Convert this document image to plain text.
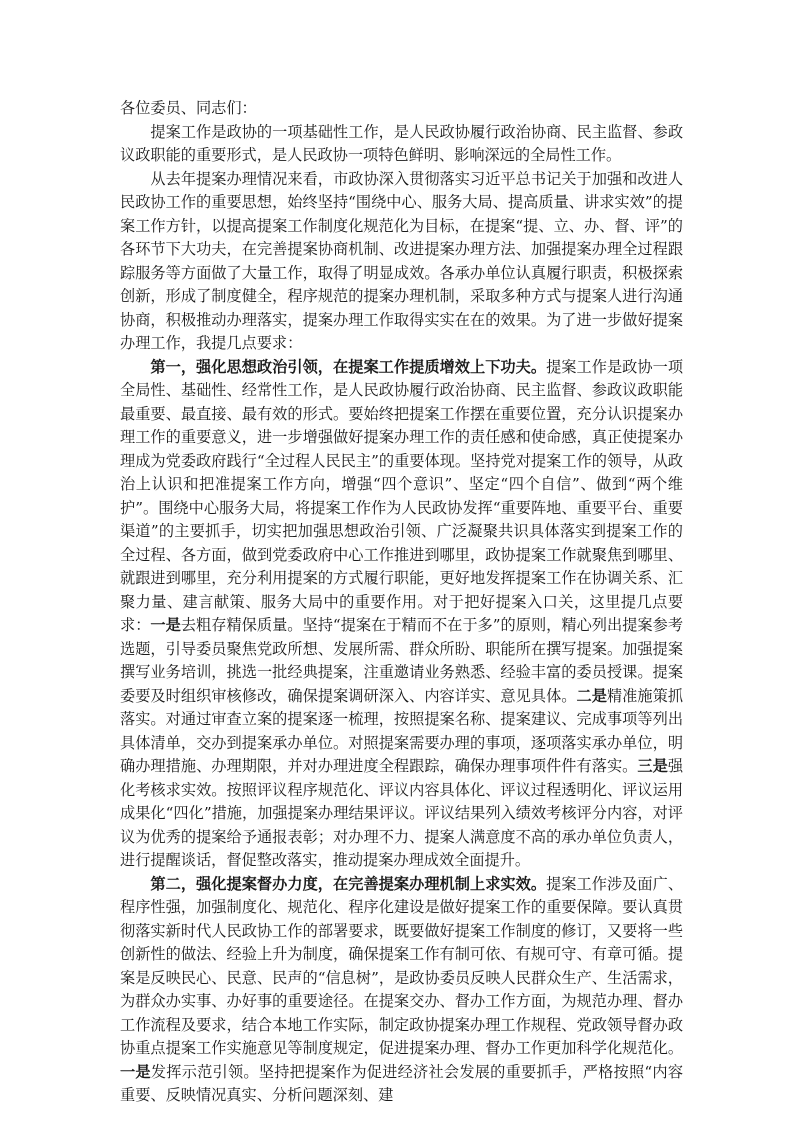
各位委员、同志们：

提案工作是政协的一项基础性工作，是人民政协履行政治协商、民主监督、参政议政职能的重要形式，是人民政协一项特色鲜明、影响深远的全局性工作。

从去年提案办理情况来看，市政协深入贯彻落实习近平总书记关于加强和改进人民政协工作的重要思想，始终坚持“围绕中心、服务大局、提高质量、讲求实效”的提案工作方针，以提高提案工作制度化规范化为目标，在提案“提、立、办、督、评”的各环节下大功夫，在完善提案协商机制、改进提案办理方法、加强提案办理全过程跟踪服务等方面做了大量工作，取得了明显成效。各承办单位认真履行职责，积极探索创新，形成了制度健全，程序规范的提案办理机制，采取多种方式与提案人进行沟通协商，积极推动办理落实，提案办理工作取得实实在在的效果。为了进一步做好提案办理工作，我提几点要求：

第一，强化思想政治引领，在提案工作提质增效上下功夫。提案工作是政协一项全局性、基础性、经常性工作，是人民政协履行政治协商、民主监督、参政议政职能最重要、最直接、最有效的形式。要始终把提案工作摆在重要位置，充分认识提案办理工作的重要意义，进一步增强做好提案办理工作的责任感和使命感，真正使提案办理成为党委政府践行“全过程人民民主”的重要体现。坚持党对提案工作的领导，从政治上认识和把准提案工作方向，增强“四个意识”、坚定“四个自信”、做到“两个维护”。围绕中心服务大局，将提案工作作为人民政协发挥“重要阵地、重要平台、重要渠道”的主要抓手，切实把加强思想政治引领、广泛凝聚共识具体落实到提案工作的全过程、各方面，做到党委政府中心工作推进到哪里，政协提案工作就聚焦到哪里、就跟进到哪里，充分利用提案的方式履行职能，更好地发挥提案工作在协调关系、汇聚力量、建言献策、服务大局中的重要作用。对于把好提案入口关，这里提几点要求：一是去粗存精保质量。坚持“提案在于精而不在于多”的原则，精心列出提案参考选题，引导委员聚焦党政所想、发展所需、群众所盼、职能所在撰写提案。加强提案撰写业务培训，挑选一批经典提案，注重邀请业务熟悉、经验丰富的委员授课。提案委要及时组织审核修改，确保提案调研深入、内容详实、意见具体。二是精准施策抓落实。对通过审查立案的提案逐一梳理，按照提案名称、提案建议、完成事项等列出具体清单，交办到提案承办单位。对照提案需要办理的事项，逐项落实承办单位，明确办理措施、办理期限，并对办理进度全程跟踪，确保办理事项件件有落实。三是强化考核求实效。按照评议程序规范化、评议内容具体化、评议过程透明化、评议运用成果化“四化”措施，加强提案办理结果评议。评议结果列入绩效考核评分内容，对评议为优秀的提案给予通报表彰；对办理不力、提案人满意度不高的承办单位负责人，进行提醒谈话，督促整改落实，推动提案办理成效全面提升。

第二，强化提案督办力度，在完善提案办理机制上求实效。提案工作涉及面广、程序性强，加强制度化、规范化、程序化建设是做好提案工作的重要保障。要认真贯彻落实新时代人民政协工作的部署要求，既要做好提案工作制度的修订，又要将一些创新性的做法、经验上升为制度，确保提案工作有制可依、有规可守、有章可循。提案是反映民心、民意、民声的“信息树”，是政协委员反映人民群众生产、生活需求，为群众办实事、办好事的重要途径。在提案交办、督办工作方面，为规范办理、督办工作流程及要求，结合本地工作实际，制定政协提案办理工作规程、党政领导督办政协重点提案工作实施意见等制度规定，促进提案办理、督办工作更加科学化规范化。一是发挥示范引领。坚持把提案作为促进经济社会发展的重要抓手，严格按照“内容重要、反映情况真实、分析问题深刻、建
